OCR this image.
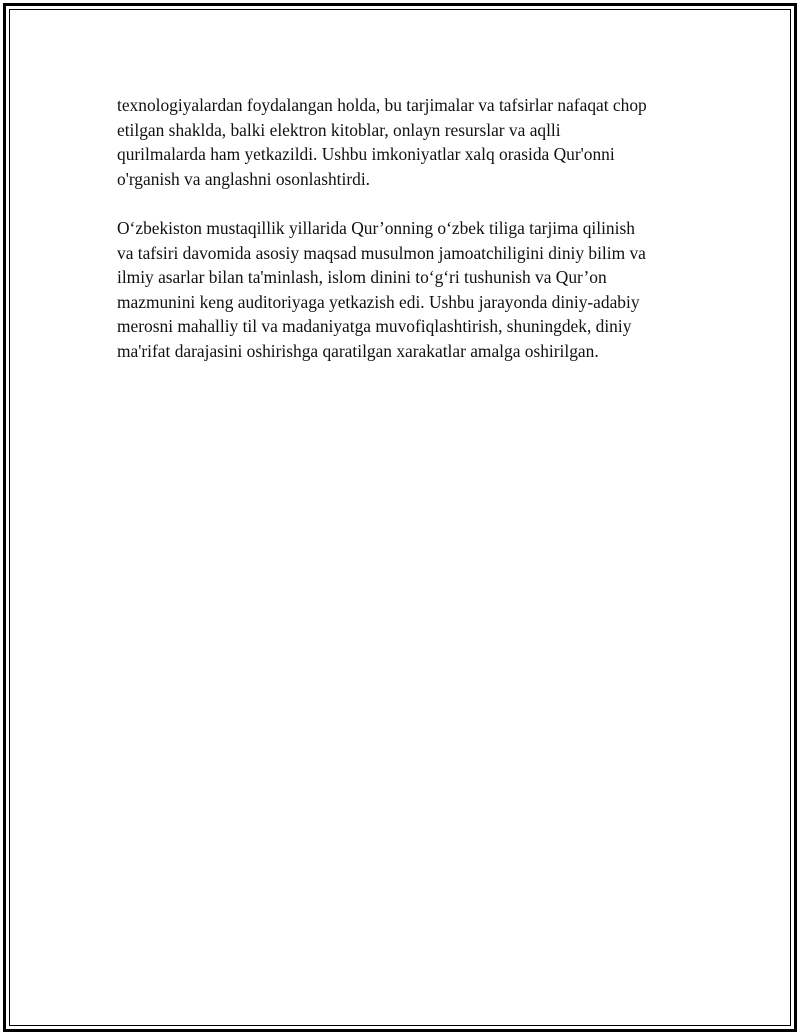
texnologiyalardan foydalangan holda, bu tarjimalar va tafsirlar nafaqat chop
etilgan shaklda, balki elektron kitoblar, onlayn resurslar va aqlli
qurilmalarda ham yetkazildi. Ushbu imkoniyatlar xalq orasida Qur'onni
o'rganish va anglashni osonlashtirdi.

O‘zbekiston mustaqillik yillarida Qur’onning o‘zbek tiliga tarjima qilinish
va tafsiri davomida asosiy maqsad musulmon jamoatchiligini diniy bilim va
ilmiy asarlar bilan ta'minlash, islom dinini to‘g‘ri tushunish va Qur’on
mazmunini keng auditoriyaga yetkazish edi. Ushbu jarayonda diniy-adabiy
merosni mahalliy til va madaniyatga muvofiqlashtirish, shuningdek, diniy
ma'rifat darajasini oshirishga qaratilgan xarakatlar amalga oshirilgan.
